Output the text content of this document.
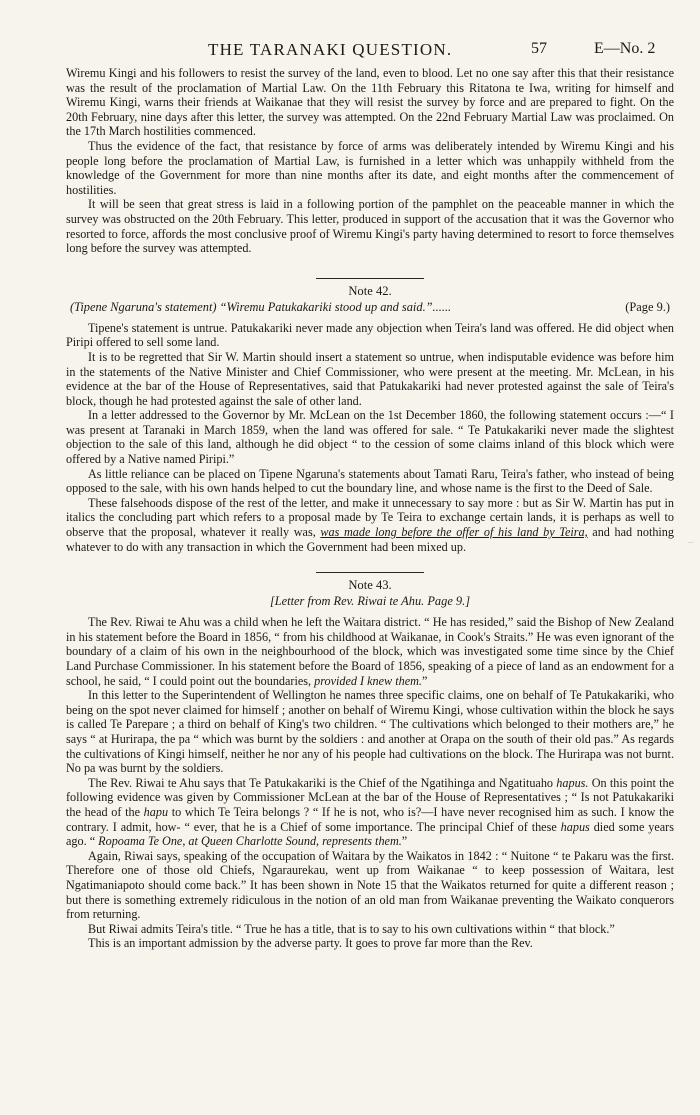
THE TARANAKI QUESTION.	57	E—No. 2

Wiremu Kingi and his followers to resist the survey of the land, even to blood. Let no one say after this that their resistance was the result of the proclamation of Martial Law. On the 11th February this Ritatona te Iwa, writing for himself and Wiremu Kingi, warns their friends at Waikanae that they will resist the survey by force and are prepared to fight. On the 20th February, nine days after this letter, the survey was attempted. On the 22nd February Martial Law was proclaimed. On the 17th March hostilities commenced.

Thus the evidence of the fact, that resistance by force of arms was deliberately intended by Wiremu Kingi and his people long before the proclamation of Martial Law, is furnished in a letter which was unhappily withheld from the knowledge of the Government for more than nine months after its date, and eight months after the commencement of hostilities.

It will be seen that great stress is laid in a following portion of the pamphlet on the peaceable manner in which the survey was obstructed on the 20th February. This letter, produced in support of the accusation that it was the Governor who resorted to force, affords the most conclusive proof of Wiremu Kingi's party having determined to resort to force themselves long before the survey was attempted.

Note 42.
(Tipene Ngaruna's statement) “Wiremu Patukakariki stood up and said.”......	(Page 9.)

Tipene's statement is untrue. Patukakariki never made any objection when Teira's land was offered. He did object when Piripi offered to sell some land.

It is to be regretted that Sir W. Martin should insert a statement so untrue, when indisputable evidence was before him in the statements of the Native Minister and Chief Commissioner, who were present at the meeting. Mr. McLean, in his evidence at the bar of the House of Representatives, said that Patukakariki had never protested against the sale of Teira's block, though he had protested against the sale of other land.

In a letter addressed to the Governor by Mr. McLean on the 1st December 1860, the following statement occurs :—“ I was present at Taranaki in March 1859, when the land was offered for sale. “ Te Patukakariki never made the slightest objection to the sale of this land, although he did object “ to the cession of some claims inland of this block which were offered by a Native named Piripi.”

As little reliance can be placed on Tipene Ngaruna's statements about Tamati Raru, Teira's father, who instead of being opposed to the sale, with his own hands helped to cut the boundary line, and whose name is the first to the Deed of Sale.

These falsehoods dispose of the rest of the letter, and make it unnecessary to say more : but as Sir W. Martin has put in italics the concluding part which refers to a proposal made by Te Teira to exchange certain lands, it is perhaps as well to observe that the proposal, whatever it really was, was made long before the offer of his land by Teira, and had nothing whatever to do with any transaction in which the Government had been mixed up.

Note 43.
[Letter from Rev. Riwai te Ahu. Page 9.]

The Rev. Riwai te Ahu was a child when he left the Waitara district. “ He has resided,” said the Bishop of New Zealand in his statement before the Board in 1856, “ from his childhood at Waikanae, in Cook's Straits.” He was even ignorant of the boundary of a claim of his own in the neighbourhood of the block, which was investigated some time since by the Chief Land Purchase Commissioner. In his statement before the Board of 1856, speaking of a piece of land as an endowment for a school, he said, “ I could point out the boundaries, provided I knew them.”

In this letter to the Superintendent of Wellington he names three specific claims, one on behalf of Te Patukakariki, who being on the spot never claimed for himself ; another on behalf of Wiremu Kingi, whose cultivation within the block he says is called Te Parepare ; a third on behalf of King's two children. “ The cultivations which belonged to their mothers are,” he says “ at Hurirapa, the pa “ which was burnt by the soldiers : and another at Orapa on the south of their old pas.” As regards the cultivations of Kingi himself, neither he nor any of his people had cultivations on the block. The Hurirapa was not burnt. No pa was burnt by the soldiers.

The Rev. Riwai te Ahu says that Te Patukakariki is the Chief of the Ngatihinga and Ngatituaho hapus. On this point the following evidence was given by Commissioner McLean at the bar of the House of Representatives ; “ Is not Patukakariki the head of the hapu to which Te Teira belongs ? “ If he is not, who is?—I have never recognised him as such. I know the contrary. I admit, how- “ ever, that he is a Chief of some importance. The principal Chief of these hapus died some years ago. “ Ropoama Te One, at Queen Charlotte Sound, represents them.”

Again, Riwai says, speaking of the occupation of Waitara by the Waikatos in 1842 : “ Nuitone “ te Pakaru was the first. Therefore one of those old Chiefs, Ngaraurekau, went up from Waikanae “ to keep possession of Waitara, lest Ngatimaniapoto should come back.” It has been shown in Note 15 that the Waikatos returned for quite a different reason ; but there is something extremely ridiculous in the notion of an old man from Waikanae preventing the Waikato conquerors from returning.

But Riwai admits Teira's title. “ True he has a title, that is to say to his own cultivations within “ that block.”

This is an important admission by the adverse party. It goes to prove far more than the Rev.

...
